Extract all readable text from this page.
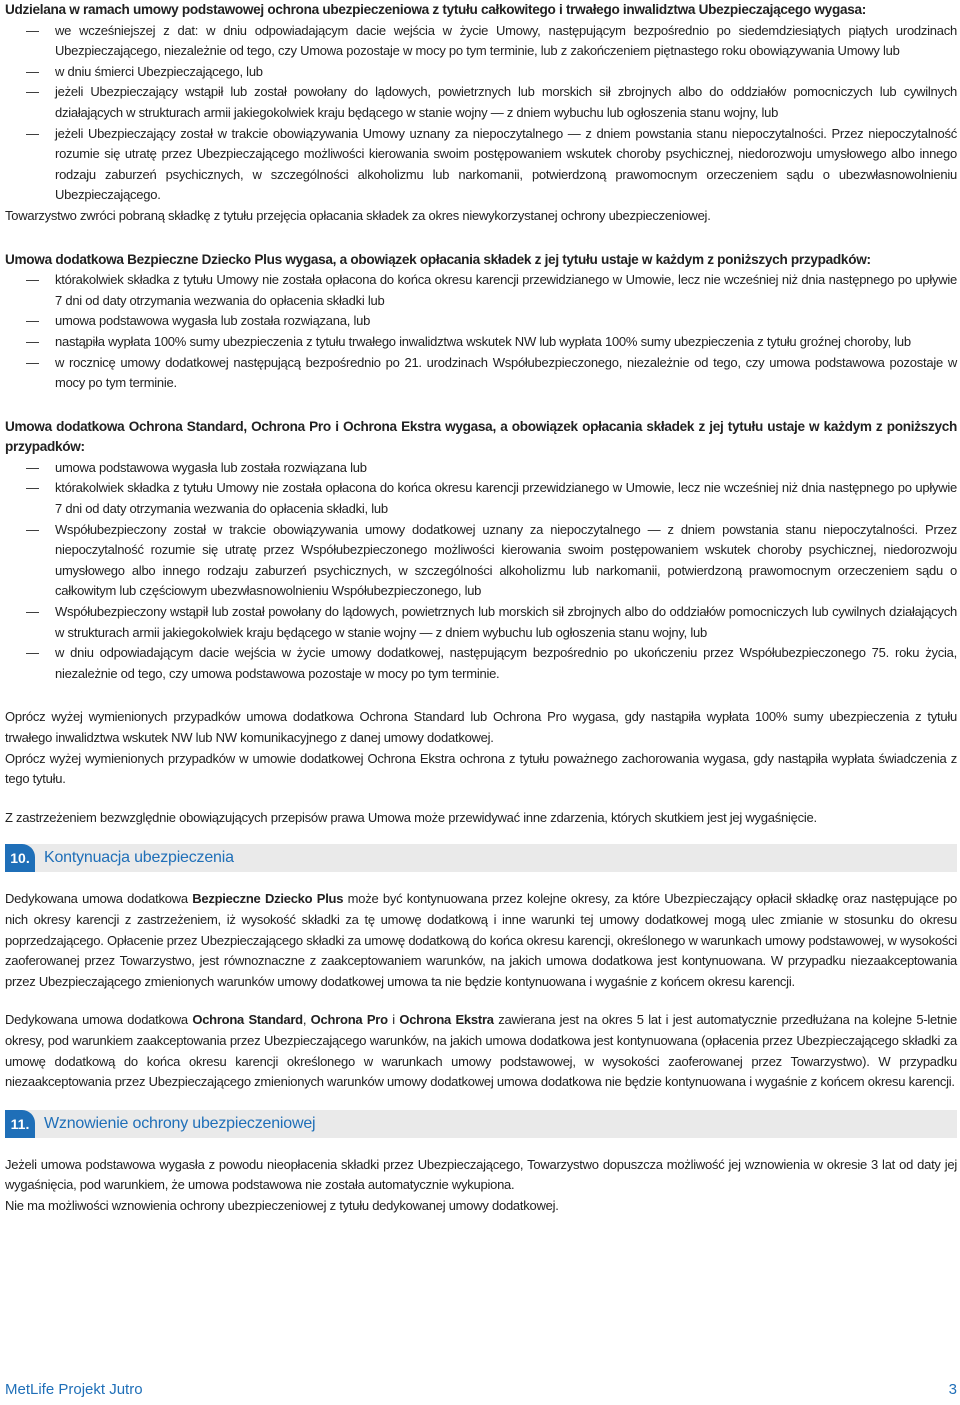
Udzielana w ramach umowy podstawowej ochrona ubezpieczeniowa z tytułu całkowitego i trwałego inwalidztwa Ubezpieczającego wygasa:

— we wcześniejszej z dat: w dniu odpowiadającym dacie wejścia w życie Umowy, następującym bezpośrednio po siedemdziesiątych piątych urodzinach Ubezpieczającego, niezależnie od tego, czy Umowa pozostaje w mocy po tym terminie, lub z zakończeniem piętnastego roku obowiązywania Umowy lub
— w dniu śmierci Ubezpieczającego, lub
— jeżeli Ubezpieczający wstąpił lub został powołany do lądowych, powietrznych lub morskich sił zbrojnych albo do oddziałów pomocniczych lub cywilnych działających w strukturach armii jakiegokolwiek kraju będącego w stanie wojny — z dniem wybuchu lub ogłoszenia stanu wojny, lub
— jeżeli Ubezpieczający został w trakcie obowiązywania Umowy uznany za niepoczytalnego — z dniem powstania stanu niepoczytalności. Przez niepoczytalność rozumie się utratę przez Ubezpieczającego możliwości kierowania swoim postępowaniem wskutek choroby psychicznej, niedorozwoju umysłowego albo innego rodzaju zaburzeń psychicznych, w szczególności alkoholizmu lub narkomanii, potwierdzoną prawomocnym orzeczeniem sądu o ubezwłasnowolnieniu Ubezpieczającego.

Towarzystwo zwróci pobraną składkę z tytułu przejęcia opłacania składek za okres niewykorzystanej ochrony ubezpieczeniowej.

Umowa dodatkowa Bezpieczne Dziecko Plus wygasa, a obowiązek opłacania składek z jej tytułu ustaje w każdym z poniższych przypadków:

— którakolwiek składka z tytułu Umowy nie została opłacona do końca okresu karencji przewidzianego w Umowie, lecz nie wcześniej niż dnia następnego po upływie 7 dni od daty otrzymania wezwania do opłacenia składki lub
— umowa podstawowa wygasła lub została rozwiązana, lub
— nastąpiła wypłata 100% sumy ubezpieczenia z tytułu trwałego inwalidztwa wskutek NW lub wypłata 100% sumy ubezpieczenia z tytułu groźnej choroby, lub
— w rocznicę umowy dodatkowej następującą bezpośrednio po 21. urodzinach Współubezpieczonego, niezależnie od tego, czy umowa podstawowa pozostaje w mocy po tym terminie.

Umowa dodatkowa Ochrona Standard, Ochrona Pro i Ochrona Ekstra wygasa, a obowiązek opłacania składek z jej tytułu ustaje w każdym z poniższych przypadków:

— umowa podstawowa wygasła lub została rozwiązana lub
— którakolwiek składka z tytułu Umowy nie została opłacona do końca okresu karencji przewidzianego w Umowie, lecz nie wcześniej niż dnia następnego po upływie 7 dni od daty otrzymania wezwania do opłacenia składki, lub
— Współubezpieczony został w trakcie obowiązywania umowy dodatkowej uznany za niepoczytalnego — z dniem powstania stanu niepoczytalności. Przez niepoczytalność rozumie się utratę przez Współubezpieczonego możliwości kierowania swoim postępowaniem wskutek choroby psychicznej, niedorozwoju umysłowego albo innego rodzaju zaburzeń psychicznych, w szczególności alkoholizmu lub narkomanii, potwierdzoną prawomocnym orzeczeniem sądu o całkowitym lub częściowym ubezwłasnowolnieniu Współubezpieczonego, lub
— Współubezpieczony wstąpił lub został powołany do lądowych, powietrznych lub morskich sił zbrojnych albo do oddziałów pomocniczych lub cywilnych działających w strukturach armii jakiegokolwiek kraju będącego w stanie wojny — z dniem wybuchu lub ogłoszenia stanu wojny, lub
— w dniu odpowiadającym dacie wejścia w życie umowy dodatkowej, następującym bezpośrednio po ukończeniu przez Współubezpieczonego 75. roku życia, niezależnie od tego, czy umowa podstawowa pozostaje w mocy po tym terminie.

Oprócz wyżej wymienionych przypadków umowa dodatkowa Ochrona Standard lub Ochrona Pro wygasa, gdy nastąpiła wypłata 100% sumy ubezpieczenia z tytułu trwałego inwalidztwa wskutek NW lub NW komunikacyjnego z danej umowy dodatkowej.

Oprócz wyżej wymienionych przypadków w umowie dodatkowej Ochrona Ekstra ochrona z tytułu poważnego zachorowania wygasa, gdy nastąpiła wypłata świadczenia z tego tytułu.

Z zastrzeżeniem bezwzględnie obowiązujących przepisów prawa Umowa może przewidywać inne zdarzenia, których skutkiem jest jej wygaśnięcie.

10. Kontynuacja ubezpieczenia

Dedykowana umowa dodatkowa Bezpieczne Dziecko Plus może być kontynuowana przez kolejne okresy, za które Ubezpieczający opłacił składkę oraz następujące po nich okresy karencji z zastrzeżeniem, iż wysokość składki za tę umowę dodatkową i inne warunki tej umowy dodatkowej mogą ulec zmianie w stosunku do okresu poprzedzającego. Opłacenie przez Ubezpieczającego składki za umowę dodatkową do końca okresu karencji, określonego w warunkach umowy podstawowej, w wysokości zaoferowanej przez Towarzystwo, jest równoznaczne z zaakceptowaniem warunków, na jakich umowa dodatkowa jest kontynuowana. W przypadku niezaakceptowania przez Ubezpieczającego zmienionych warunków umowy dodatkowej umowa ta nie będzie kontynuowana i wygaśnie z końcem okresu karencji.

Dedykowana umowa dodatkowa Ochrona Standard, Ochrona Pro i Ochrona Ekstra zawierana jest na okres 5 lat i jest automatycznie przedłużana na kolejne 5-letnie okresy, pod warunkiem zaakceptowania przez Ubezpieczającego warunków, na jakich umowa dodatkowa jest kontynuowana (opłacenia przez Ubezpieczającego składki za umowę dodatkową do końca okresu karencji określonego w warunkach umowy podstawowej, w wysokości zaoferowanej przez Towarzystwo). W przypadku niezaakceptowania przez Ubezpieczającego zmienionych warunków umowy dodatkowej umowa dodatkowa nie będzie kontynuowana i wygaśnie z końcem okresu karencji.

11. Wznowienie ochrony ubezpieczeniowej

Jeżeli umowa podstawowa wygasła z powodu nieopłacenia składki przez Ubezpieczającego, Towarzystwo dopuszcza możliwość jej wznowienia w okresie 3 lat od daty jej wygaśnięcia, pod warunkiem, że umowa podstawowa nie została automatycznie wykupiona.

Nie ma możliwości wznowienia ochrony ubezpieczeniowej z tytułu dedykowanej umowy dodatkowej.

MetLife Projekt Jutro	3
